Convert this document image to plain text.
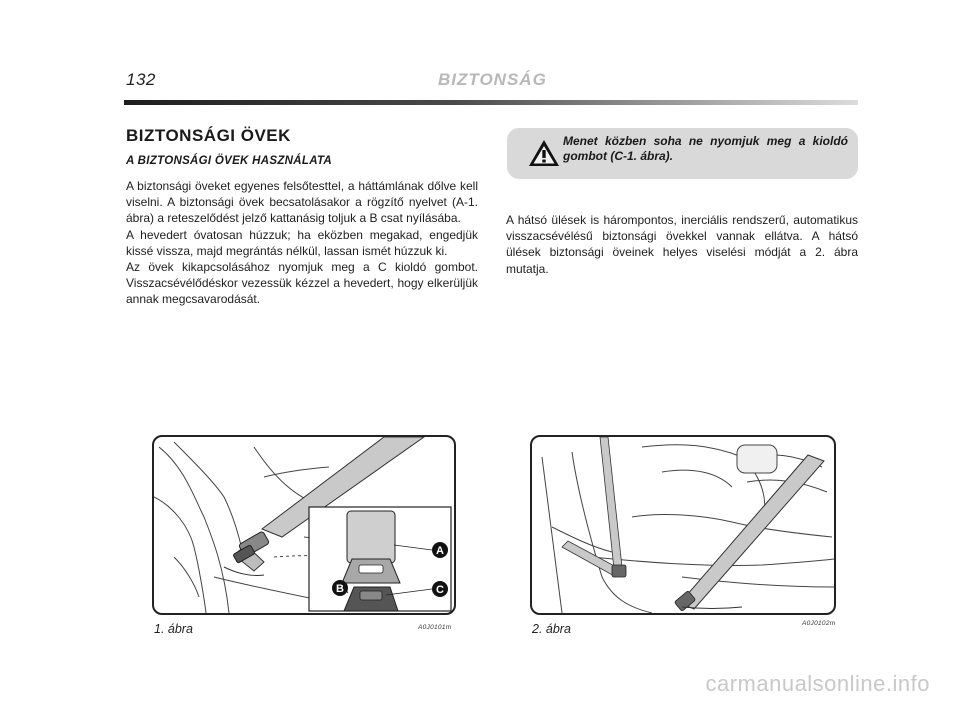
132	BIZTONSÁG
BIZTONSÁGI ÖVEK
A BIZTONSÁGI ÖVEK HASZNÁLATA

A biztonsági öveket egyenes felsőtesttel, a háttámlának dőlve kell viselni. A biztonsági övek becsatolásakor a rögzítő nyelvet (A-1. ábra) a reteszelődést jelző kattanásig toljuk a B csat nyílásába.

A hevedert óvatosan húzzuk; ha eközben megakad, engedjük kissé vissza, majd megrántás nélkül, lassan ismét húzzuk ki.

Az övek kikapcsolásához nyomjuk meg a C kioldó gombot. Visszacsévélődéskor vezessük kézzel a hevedert, hogy elkerüljük annak megcsavarodását.

Menet közben soha ne nyomjuk meg a kioldó gombot (C-1. ábra).

A hátsó ülések is hárompontos, inerciális rendszerű, automatikus visszacsévélésű biztonsági övekkel vannak ellátva. A hátsó ülések biztonsági öveinek helyes viselési módját a 2. ábra mutatja.

A
B	C
1. ábra	A0J0101m	2. ábra	A0J0102m
carmanualsonline.info
